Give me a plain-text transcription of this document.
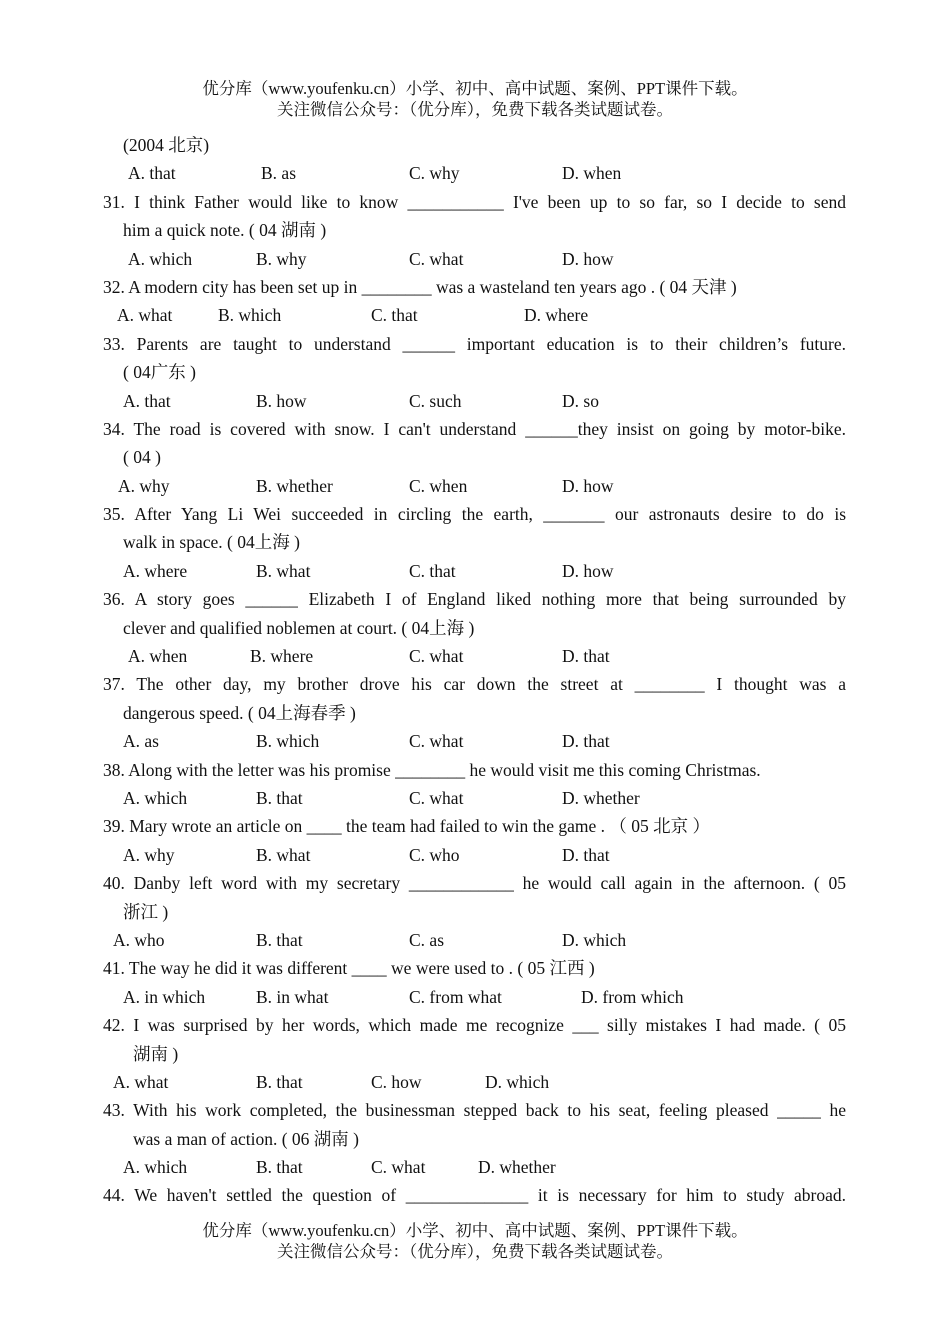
优分库（www.youfenku.cn）小学、初中、高中试题、案例、PPT课件下载。
关注微信公众号：（优分库），免费下载各类试题试卷。
(2004 北京)
A. that	B. as	C. why	D. when
31. I think Father would like to know ___________ I've been up to so far, so I decide to send
him a quick note. ( 04 湖南 )
A. which	B. why	C. what	D. how
32. A modern city has been set up in ________ was a wasteland ten years ago . ( 04 天津 )
A. what	B. which	C. that	D. where
33. Parents are taught to understand ______ important education is to their children’s future.
( 04广东 )
A. that	B. how	C. such	D. so
34. The road is covered with snow. I can't understand ______they insist on going by motor-bike.
( 04 )
A. why	B. whether	C. when	D. how
35. After Yang Li Wei succeeded in circling the earth, _______ our astronauts desire to do is
walk in space. ( 04上海 )
A. where	B. what	C. that	D. how
36. A story goes ______ Elizabeth I of England liked nothing more that being surrounded by
clever and qualified noblemen at court. ( 04上海 )
A. when	B. where	C. what	D. that
37. The other day, my brother drove his car down the street at ________ I thought was a
dangerous speed. ( 04上海春季 )
A. as	B. which	C. what	D. that
38. Along with the letter was his promise ________ he would visit me this coming Christmas.
A. which	B. that	C. what	D. whether
39. Mary wrote an article on ____ the team had failed to win the game . （ 05 北京 ）
A. why	B. what	C. who	D. that
40. Danby left word with my secretary ____________ he would call again in the afternoon. ( 05
浙江 )
A. who	B. that	C. as	D. which
41. The way he did it was different ____ we were used to . ( 05 江西 )
A. in which	B. in what	C. from what	D. from which
42. I was surprised by her words, which made me recognize ___ silly mistakes I had made. ( 05
湖南 )
A. what	B. that	C. how	D. which
43. With his work completed, the businessman stepped back to his seat, feeling pleased _____ he
was a man of action. ( 06 湖南 )
A. which	B. that	C. what	D. whether
44. We haven't settled the question of ______________ it is necessary for him to study abroad.
优分库（www.youfenku.cn）小学、初中、高中试题、案例、PPT课件下载。
关注微信公众号：（优分库），免费下载各类试题试卷。
